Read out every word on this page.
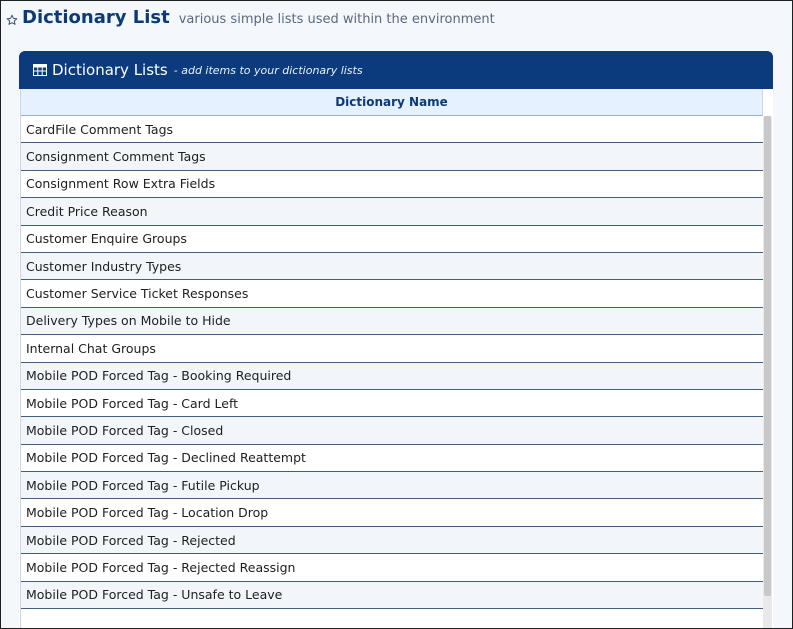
Dictionary List various simple lists used within the environment
Dictionary Lists - add items to your dictionary lists
Dictionary Name
CardFile Comment Tags
Consignment Comment Tags
Consignment Row Extra Fields
Credit Price Reason
Customer Enquire Groups
Customer Industry Types
Customer Service Ticket Responses
Delivery Types on Mobile to Hide
Internal Chat Groups
Mobile POD Forced Tag - Booking Required
Mobile POD Forced Tag - Card Left
Mobile POD Forced Tag - Closed
Mobile POD Forced Tag - Declined Reattempt
Mobile POD Forced Tag - Futile Pickup
Mobile POD Forced Tag - Location Drop
Mobile POD Forced Tag - Rejected
Mobile POD Forced Tag - Rejected Reassign
Mobile POD Forced Tag - Unsafe to Leave
